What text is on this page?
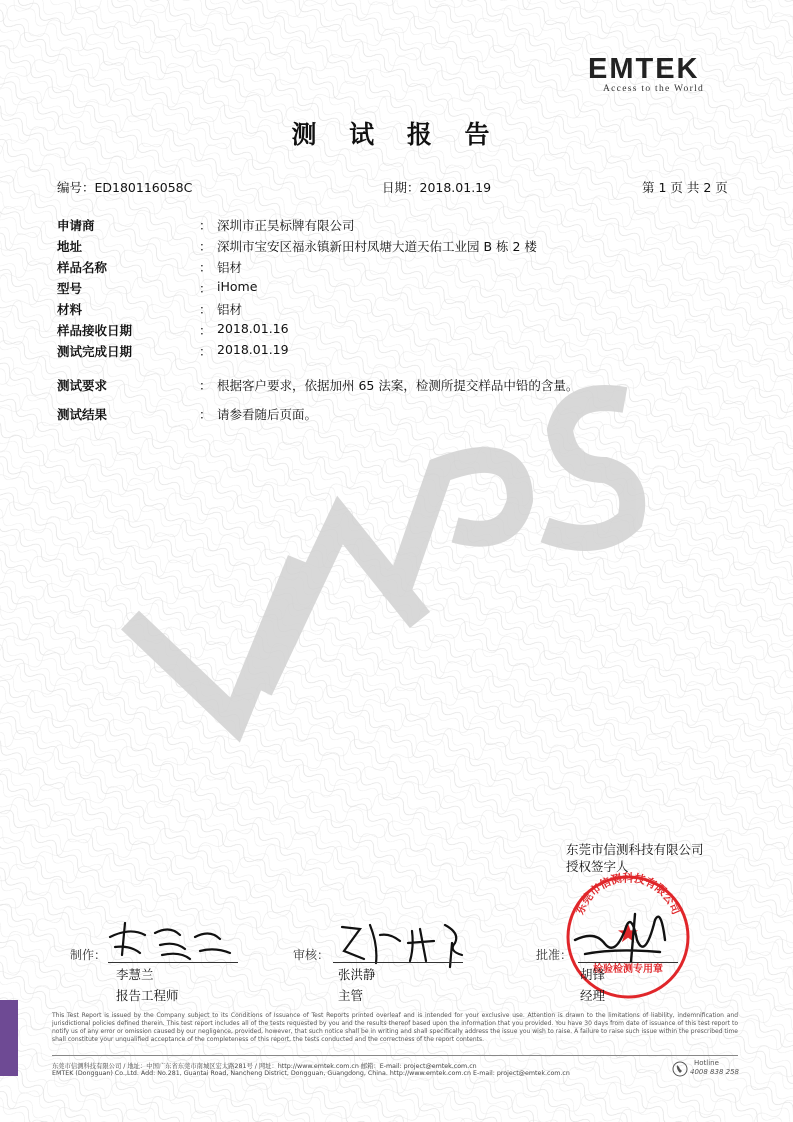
EMTEK
Access to the World
测 试 报 告
编号：ED180116058C	日期：2018.01.19	第 1 页 共 2 页
申请商	： 深圳市正昊标牌有限公司
地址	： 深圳市宝安区福永镇新田村凤塘大道天佑工业园 B 栋 2 楼
样品名称	： 铝材
型号	： iHome
材料	： 铝材
样品接收日期	： 2018.01.16
测试完成日期	： 2018.01.19
测试要求	： 根据客户要求，依据加州 65 法案，检测所提交样品中铅的含量。
测试结果	： 请参看随后页面。
东莞市信测科技有限公司
授权签字人
★
东莞市信测科技有限公司
检验检测专用章
制作：
李慧兰
报告工程师
审核：
张洪静
主管
批准：
胡锋
经理
This Test Report is issued by the Company subject to its Conditions of Issuance of Test Reports printed overleaf and is intended for your exclusive use. Attention is drawn to the limitations of liability, indemnification and jurisdictional policies defined therein. This test report includes all of the tests requested by you and the results thereof based upon the information that you provided. You have 30 days from date of issuance of this test report to notify us of any error or omission caused by our negligence, provided, however, that such notice shall be in writing and shall specifically address the issue you wish to raise. A failure to raise such issue within the prescribed time shall constitute your unqualified acceptance of the completeness of this report, the tests conducted and the correctness of the report contents.
东莞市信测科技有限公司 / 地址：中国广东省东莞市南城区宏太路281号 / 网址：http://www.emtek.com.cn 邮箱：E-mail: project@emtek.com.cn
EMTEK (Dongguan) Co.,Ltd. Add: No.281, Guantai Road, Nancheng District, Dongguan, Guangdong, China. http://www.emtek.com.cn E-mail: project@emtek.com.cn
Hotline
4008 838 258
